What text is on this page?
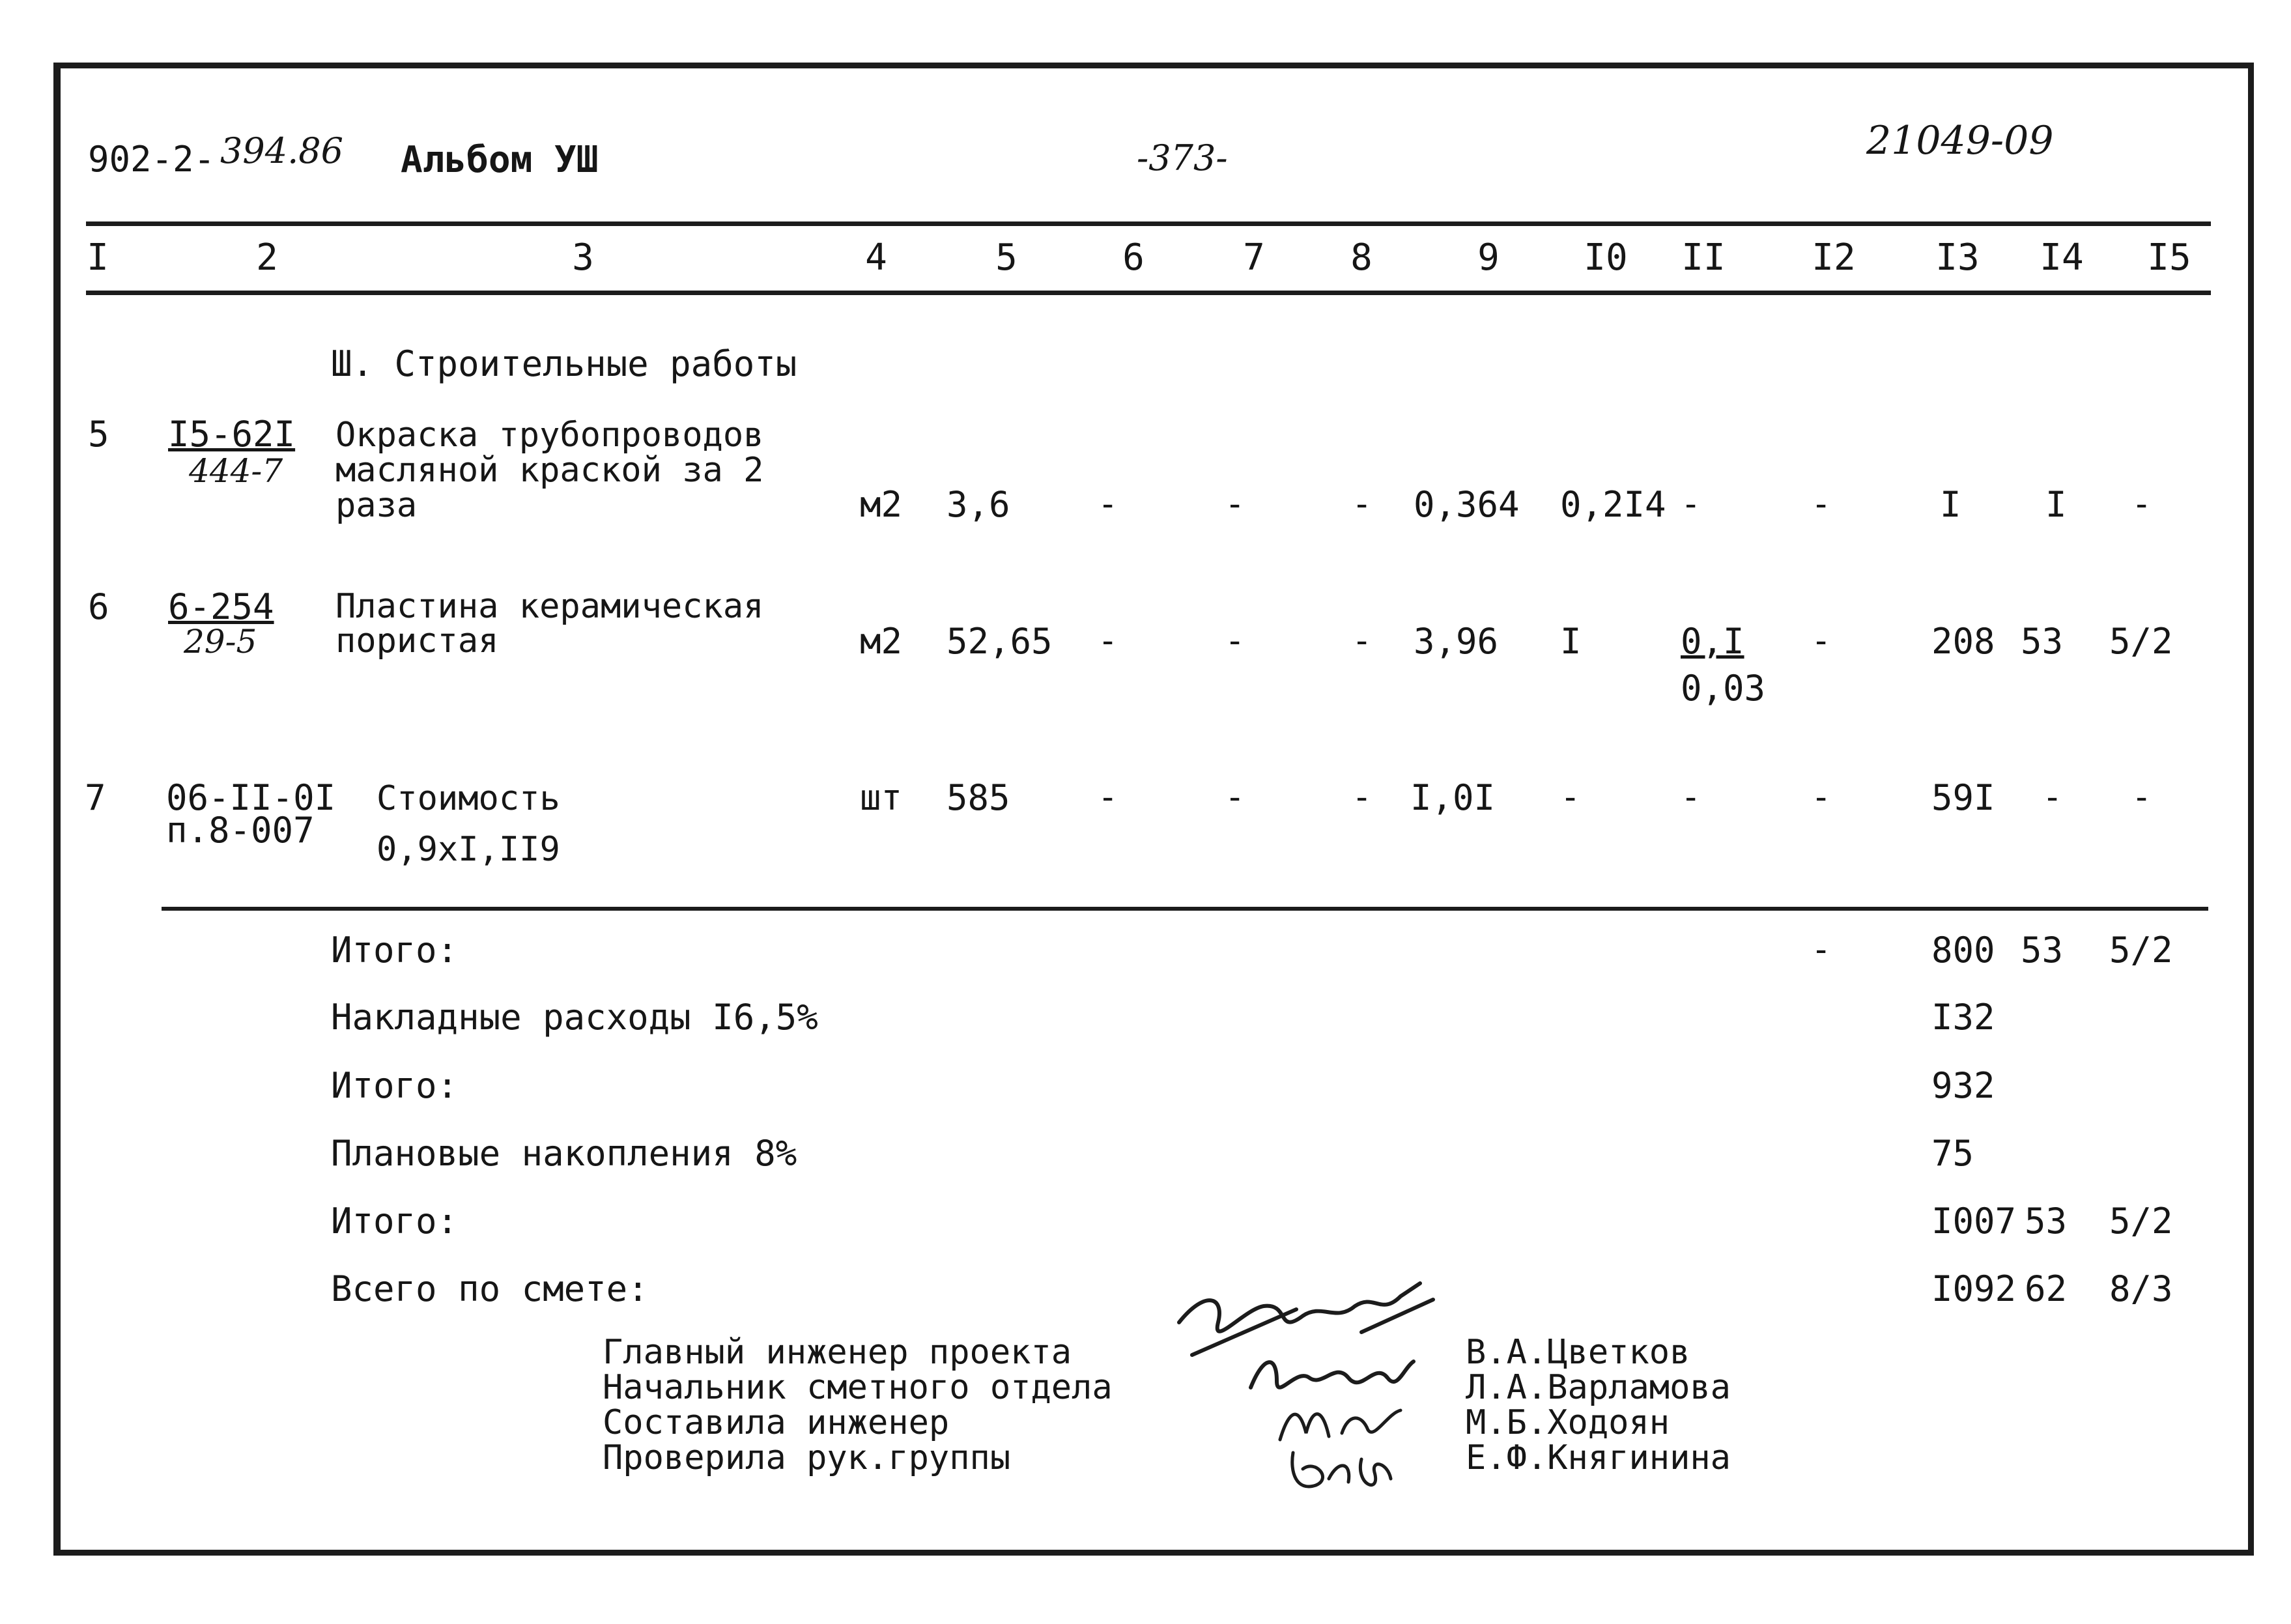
902-2- 394.86 Альбом УШ	-373-	21049-09
I	2	3	4	5	6	7	8	9	I0	II	I2	I3	I4	I5
Ш. Строительные работы
5 I5-62I
444-7
Окраска трубопроводов
масляной краской за 2
раза	м2 3,6	-	-	- 0,364 0,2I4 -	-	I I -
6 6-254
29-5
Пластина керамическая
пористая	м2 52,65 -	-	- 3,96 I	0,I
0,03
-	208 53 5/2
7 06-II-0I
п.8-007
Стоимость
0,9хI,II9
шт 585	-	-	- I,0I -	-	-	59I - -
Итого:	-	800 53 5/2
Накладные расходы I6,5%	I32
Итого:	932
Плановые накопления 8%	75
Итого:	I007 53 5/2
Всего по смете:	I092 62 8/3
Главный инженер проекта
Начальник сметного отдела
Составила инженер
Проверила рук.группы
В.А.Цветков
Л.А.Варламова
М.Б.Ходоян
Е.Ф.Княгинина
